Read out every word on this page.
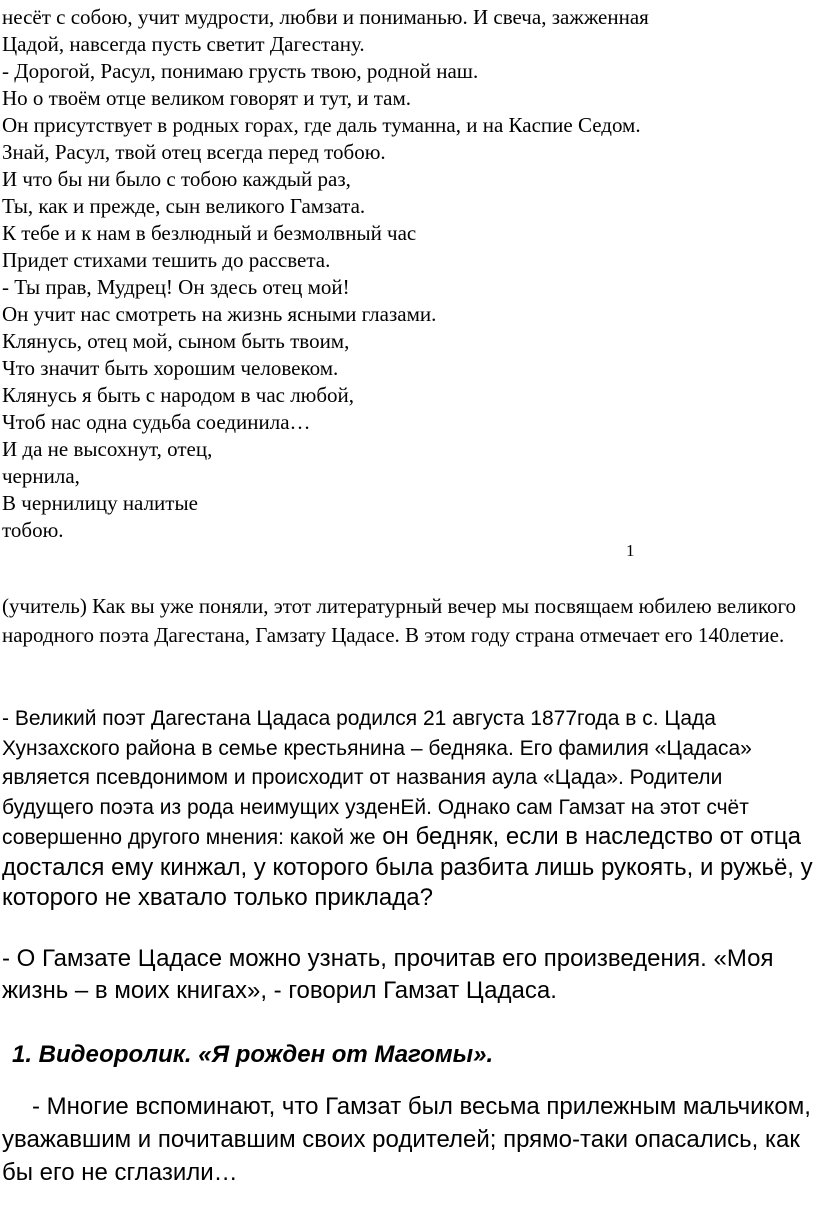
несёт с собою, учит мудрости, любви и пониманью. И свеча, зажженная
Цадой, навсегда пусть светит Дагестану.
- Дорогой, Расул, понимаю грусть твою, родной наш.
Но о твоём отце великом говорят и тут, и там.
Он присутствует в родных горах, где даль туманна, и на Каспие Седом.
Знай, Расул, твой отец всегда перед тобою.
И что бы ни было с тобою каждый раз,
Ты, как и прежде, сын великого Гамзата.
К тебе и к нам в безлюдный и безмолвный час
Придет стихами тешить до рассвета.
- Ты прав, Мудрец! Он здесь отец мой!
Он учит нас смотреть на жизнь ясными глазами.
Клянусь, отец мой, сыном быть твоим,
Что значит быть хорошим человеком.
Клянусь я быть с народом в час любой,
Чтоб нас одна судьба соединила…
И да не высохнут, отец,
чернила,
В чернилицу налитые
тобою.
1
(учитель) Как вы уже поняли, этот литературный вечер мы посвящаем юбилею великого народного поэта Дагестана, Гамзату Цадасе. В этом году страна отмечает его 140летие.
- Великий поэт Дагестана Цадаса родился 21 августа 1877года в с. Цада Хунзахского района в семье крестьянина – бедняка. Его фамилия «Цадаса» является псевдонимом и происходит от названия аула «Цада». Родители будущего поэта из рода неимущих узденЕй. Однако сам Гамзат на этот счёт совершенно другого мнения: какой же он бедняк, если в наследство от отца достался ему кинжал, у которого была разбита лишь рукоять, и ружьё, у которого не хватало только приклада?
- О Гамзате Цадасе можно узнать, прочитав его произведения. «Моя жизнь – в моих книгах», - говорил Гамзат Цадаса.
1. Видеоролик. «Я рожден от Магомы».
- Многие вспоминают, что Гамзат был весьма прилежным мальчиком, уважавшим и почитавшим своих родителей; прямо-таки опасались, как бы его не сглазили…
